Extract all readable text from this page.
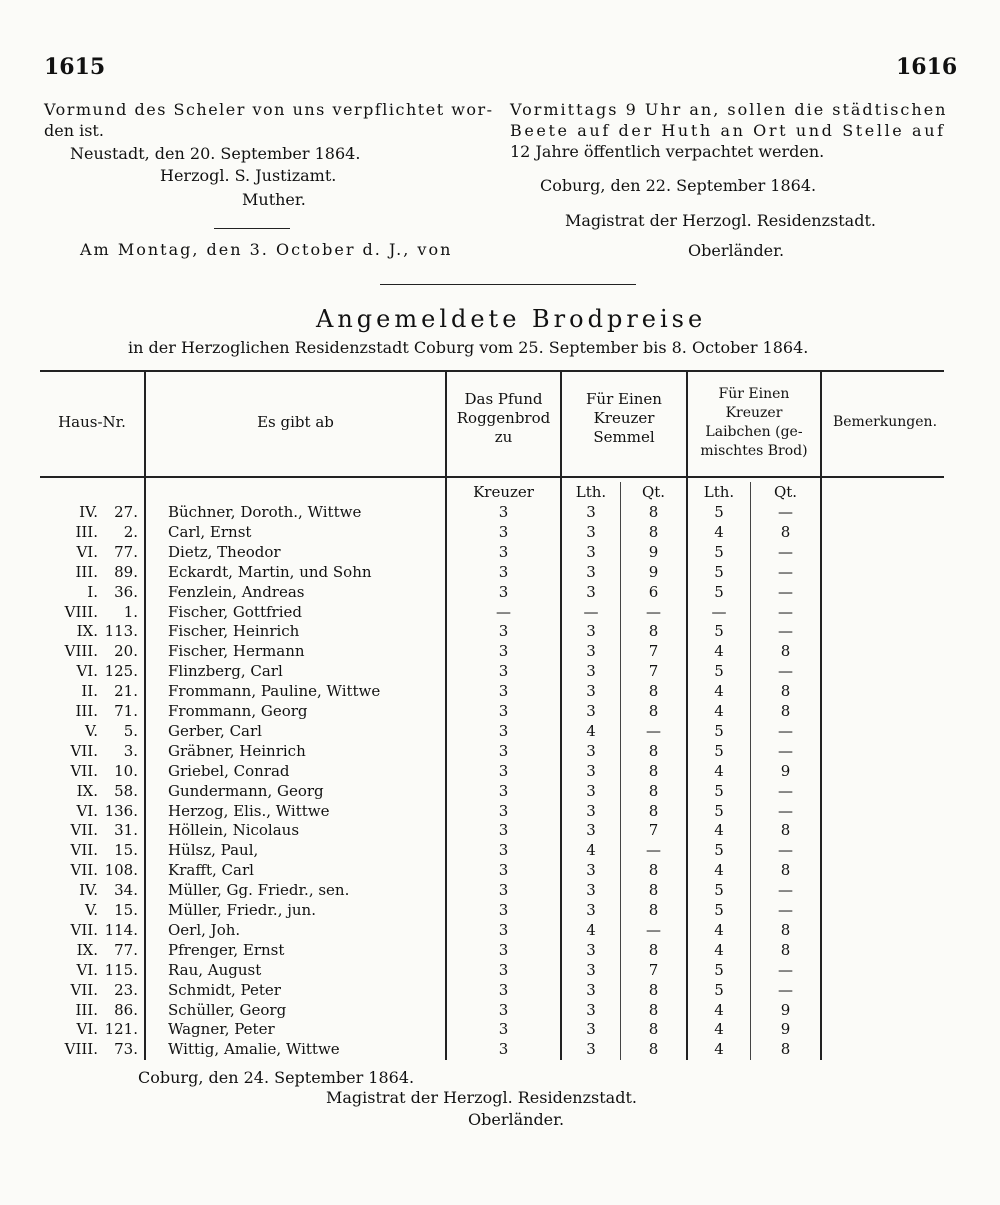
1615	1616
Vormund des Scheler von uns verpflichtet wor-
den ist.
Neustadt, den 20. September 1864.
Herzogl. S. Justizamt.
Muther.
Am Montag, den 3. October d. J., von
Vormittags 9 Uhr an, sollen die städtischen
Beete auf der Huth an Ort und Stelle auf
12 Jahre öffentlich verpachtet werden.
Coburg, den 22. September 1864.
Magistrat der Herzogl. Residenzstadt.
Oberländer.
Angemeldete Brodpreise
in der Herzoglichen Residenzstadt Coburg vom 25. September bis 8. October 1864.
Haus-Nr.	Es gibt ab
Das Pfund
Roggenbrod
zu
Für Einen
Kreuzer
Semmel
Für Einen
Kreuzer
Laibchen (ge-
mischtes Brod)
Bemerkungen.
Kreuzer	Lth.	Qt.	Lth.	Qt.
IV.	27. Büchner, Doroth., Wittwe	3	3	8	5	—
III.	2. Carl, Ernst	3	3	8	4	8
VI.	77. Dietz, Theodor	3	3	9	5	—
III.	89. Eckardt, Martin, und Sohn	3	3	9	5	—
I.	36. Fenzlein, Andreas	3	3	6	5	—
VIII.	1. Fischer, Gottfried	—	—	—	—	—
IX. 113. Fischer, Heinrich	3	3	8	5	—
VIII.	20. Fischer, Hermann	3	3	7	4	8
VI. 125. Flinzberg, Carl	3	3	7	5	—
II.	21. Frommann, Pauline, Wittwe	3	3	8	4	8
III.	71. Frommann, Georg	3	3	8	4	8
V.	5. Gerber, Carl	3	4	—	5	—
VII.	3. Gräbner, Heinrich	3	3	8	5	—
VII.	10. Griebel, Conrad	3	3	8	4	9
IX.	58. Gundermann, Georg	3	3	8	5	—
VI. 136. Herzog, Elis., Wittwe	3	3	8	5	—
VII.	31. Höllein, Nicolaus	3	3	7	4	8
VII.	15. Hülsz, Paul,	3	4	—	5	—
VII. 108. Krafft, Carl	3	3	8	4	8
IV.	34. Müller, Gg. Friedr., sen.	3	3	8	5	—
V.	15. Müller, Friedr., jun.	3	3	8	5	—
VII. 114. Oerl, Joh.	3	4	—	4	8
IX.	77. Pfrenger, Ernst	3	3	8	4	8
VI. 115. Rau, August	3	3	7	5	—
VII.	23. Schmidt, Peter	3	3	8	5	—
III.	86. Schüller, Georg	3	3	8	4	9
VI. 121. Wagner, Peter	3	3	8	4	9
VIII.	73. Wittig, Amalie, Wittwe	3	3	8	4	8
Coburg, den 24. September 1864.
Magistrat der Herzogl. Residenzstadt.
Oberländer.
